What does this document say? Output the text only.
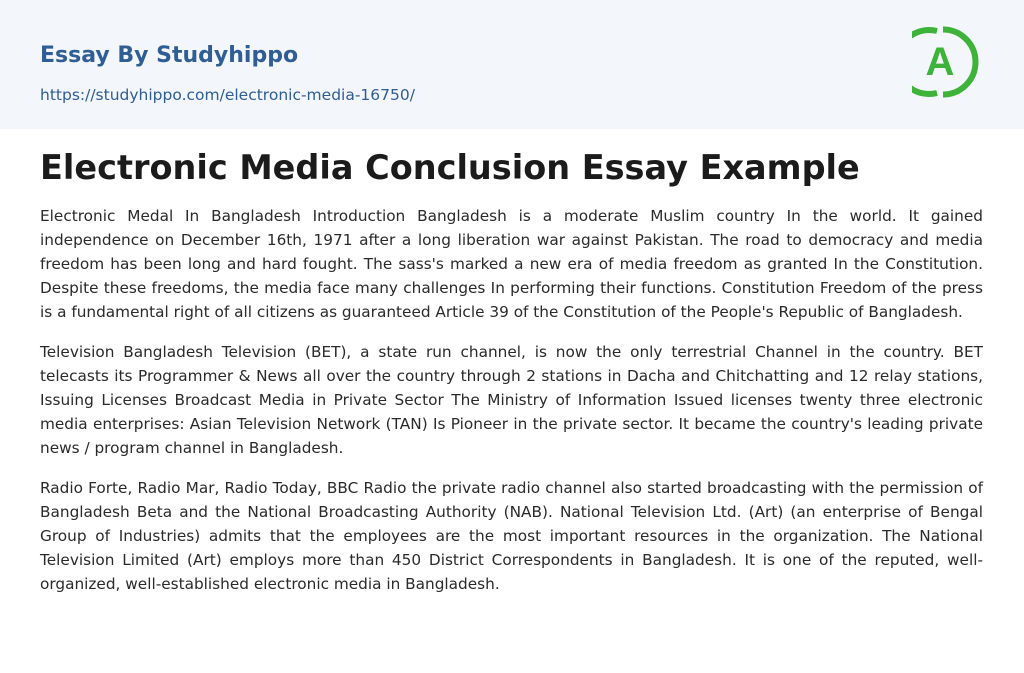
Essay By Studyhippo
https://studyhippo.com/electronic-media-16750/
A
Electronic Media Conclusion Essay Example

Electronic Medal In Bangladesh Introduction Bangladesh is a moderate Muslim country In the world. It gained independence on December 16th, 1971 after a long liberation war against Pakistan. The road to democracy and media freedom has been long and hard fought. The sass's marked a new era of media freedom as granted In the Constitution. Despite these freedoms, the media face many challenges In performing their functions. Constitution Freedom of the press is a fundamental right of all citizens as guaranteed Article 39 of the Constitution of the People's Republic of Bangladesh.

Television Bangladesh Television (BET), a state run channel, is now the only terrestrial Channel in the country. BET telecasts its Programmer & News all over the country through 2 stations in Dacha and Chitchatting and 12 relay stations, Issuing Licenses Broadcast Media in Private Sector The Ministry of Information Issued licenses twenty three electronic media enterprises: Asian Television Network (TAN) Is Pioneer in the private sector. It became the country's leading private news / program channel in Bangladesh.

Radio Forte, Radio Mar, Radio Today, BBC Radio the private radio channel also started broadcasting with the permission of Bangladesh Beta and the National Broadcasting Authority (NAB). National Television Ltd. (Art) (an enterprise of Bengal Group of Industries) admits that the employees are the most important resources in the organization. The National Television Limited (Art) employs more than 450 District Correspondents in Bangladesh. It is one of the reputed, well-organized, well-established electronic media in Bangladesh.
